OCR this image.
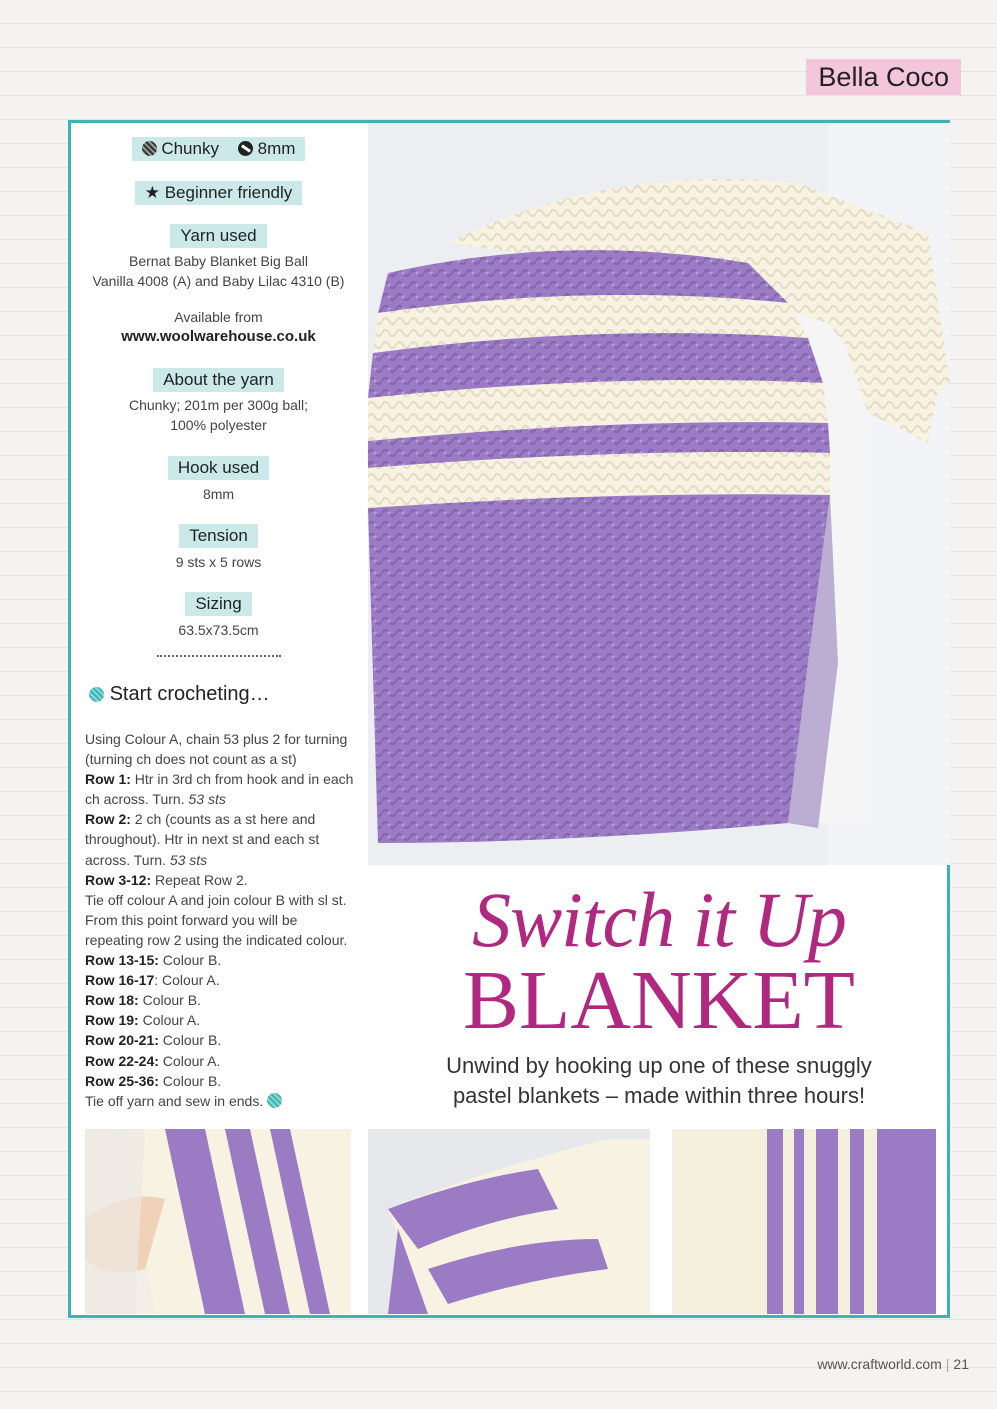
Bella Coco
Chunky 8mm
★ Beginner friendly
Yarn used
Bernat Baby Blanket Big Ball
Vanilla 4008 (A) and Baby Lilac 4310 (B)
Available from
www.woolwarehouse.co.uk
About the yarn
Chunky; 201m per 300g ball;
100% polyester
Hook used
8mm
Tension
9 sts x 5 rows
Sizing
63.5x73.5cm
Start crocheting…

Using Colour A, chain 53 plus 2 for turning (turning ch does not count as a st)

Row 1: Htr in 3rd ch from hook and in each ch across. Turn. 53 sts

Row 2: 2 ch (counts as a st here and throughout). Htr in next st and each st across. Turn. 53 sts

Row 3-12: Repeat Row 2.

Tie off colour A and join colour B with sl st. From this point forward you will be repeating row 2 using the indicated colour.

Row 13-15: Colour B.

Row 16-17: Colour A.

Row 18: Colour B.

Row 19: Colour A.

Row 20-21: Colour B.

Row 22-24: Colour A.

Row 25-36: Colour B.

Tie off yarn and sew in ends.

Switch it Up
BLANKET
Unwind by hooking up one of these snuggly
pastel blankets – made within three hours!
www.craftworld.com | 21
